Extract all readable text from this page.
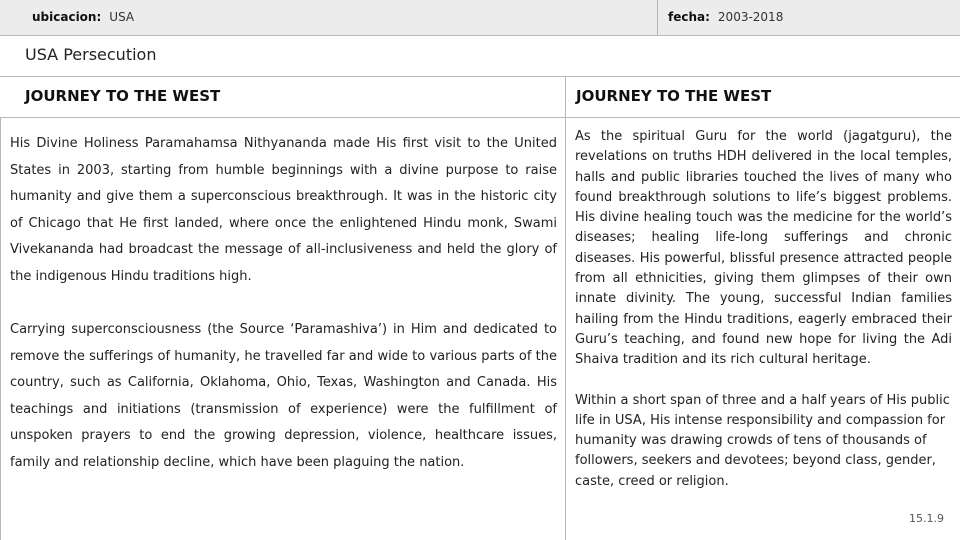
ubicacion: USA	fecha: 2003-2018
USA Persecution
JOURNEY TO THE WEST	JOURNEY TO THE WEST

His Divine Holiness Paramahamsa Nithyananda made His first visit to the United States in 2003, starting from humble beginnings with a divine purpose to raise humanity and give them a superconscious breakthrough. It was in the historic city of Chicago that He first landed, where once the enlightened Hindu monk, Swami Vivekananda had broadcast the message of all-inclusiveness and held the glory of the indigenous Hindu traditions high.

Carrying superconsciousness (the Source ‘Paramashiva’) in Him and dedicated to remove the sufferings of humanity, he travelled far and wide to various parts of the country, such as California, Oklahoma, Ohio, Texas, Washington and Canada. His teachings and initiations (transmission of experience) were the fulfillment of unspoken prayers to end the growing depression, violence, healthcare issues, family and relationship decline, which have been plaguing the nation.

As the spiritual Guru for the world (jagatguru), the revelations on truths HDH delivered in the local temples, halls and public libraries touched the lives of many who found breakthrough solutions to life’s biggest problems. His divine healing touch was the medicine for the world’s diseases; healing life-long sufferings and chronic diseases. His powerful, blissful presence attracted people from all ethnicities, giving them glimpses of their own innate divinity. The young, successful Indian families hailing from the Hindu traditions, eagerly embraced their Guru’s teaching, and found new hope for living the Adi Shaiva tradition and its rich cultural heritage.

Within a short span of three and a half years of His public life in USA, His intense responsibility and compassion for humanity was drawing crowds of tens of thousands of followers, seekers and devotees; beyond class, gender, caste, creed or religion.

15.1.9
